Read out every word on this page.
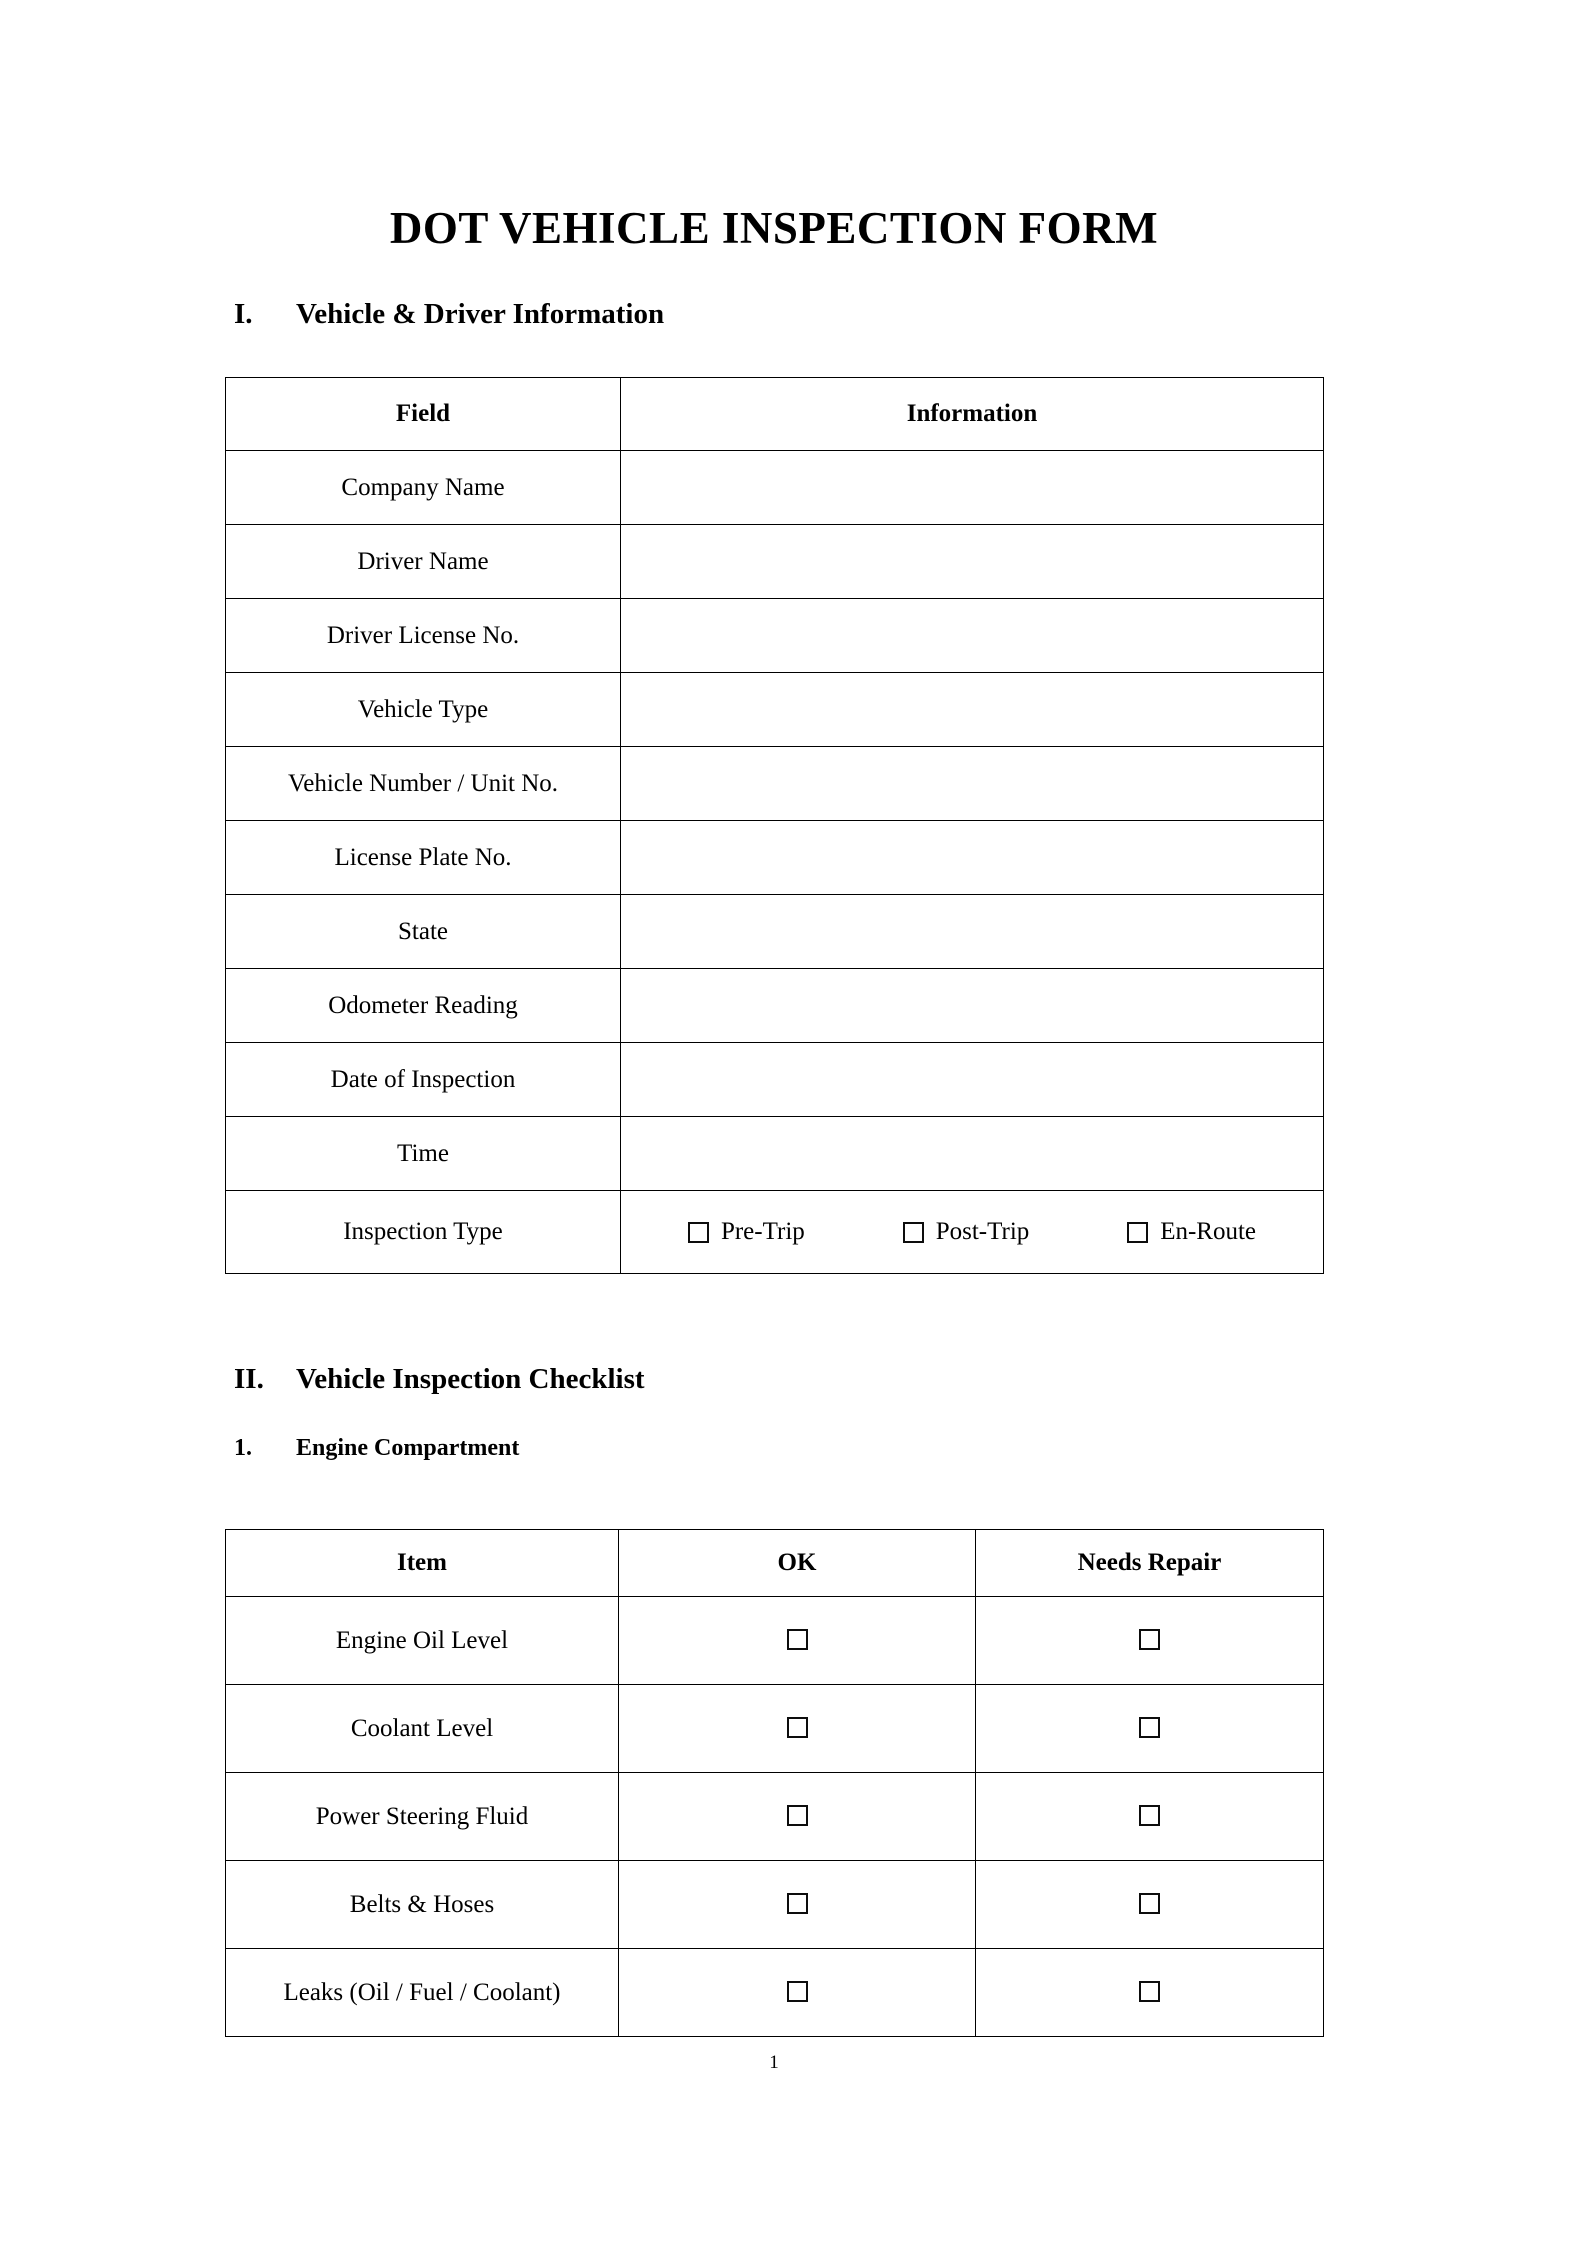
DOT VEHICLE INSPECTION FORM
I.	Vehicle & Driver Information
Field	Information
Company Name	
Driver Name	
Driver License No.	
Vehicle Type	
Vehicle Number / Unit No.	
License Plate No.	
State	
Odometer Reading	
Date of Inspection	
Time	
Inspection Type	Pre-Trip Post-Trip En-Route
II.	Vehicle Inspection Checklist
1.	Engine Compartment
Item	OK	Needs Repair
Engine Oil Level		
Coolant Level		
Power Steering Fluid		
Belts & Hoses		
Leaks (Oil / Fuel / Coolant)		
1
